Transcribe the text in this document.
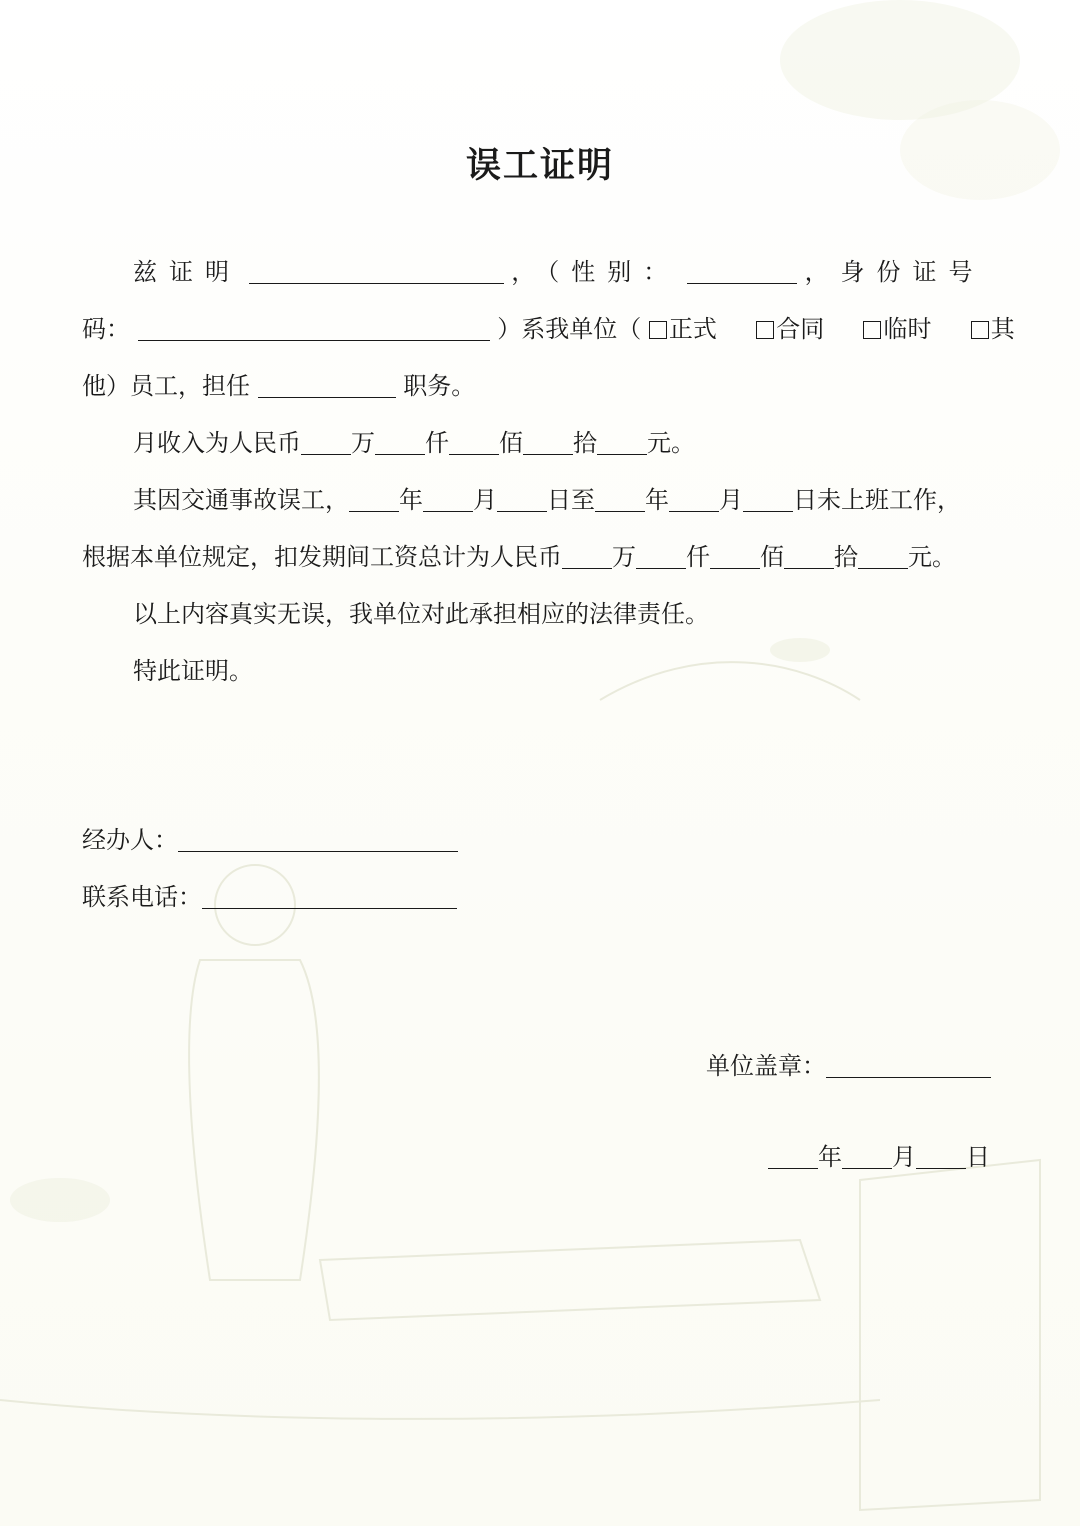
误工证明
兹证明	，（性别：	，身份证号
码：	）系我单位（ 正式 合同 临时 其
他）员工，担任	职务。
月收入为人民币 万 仟 佰 拾 元。
其因交通事故误工， 年 月 日至 年 月 日未上班工作，
根据本单位规定，扣发期间工资总计为人民币 万 仟 佰 拾 元。
以上内容真实无误，我单位对此承担相应的法律责任。
特此证明。
经办人：
联系电话：
单位盖章：
年 月 日
